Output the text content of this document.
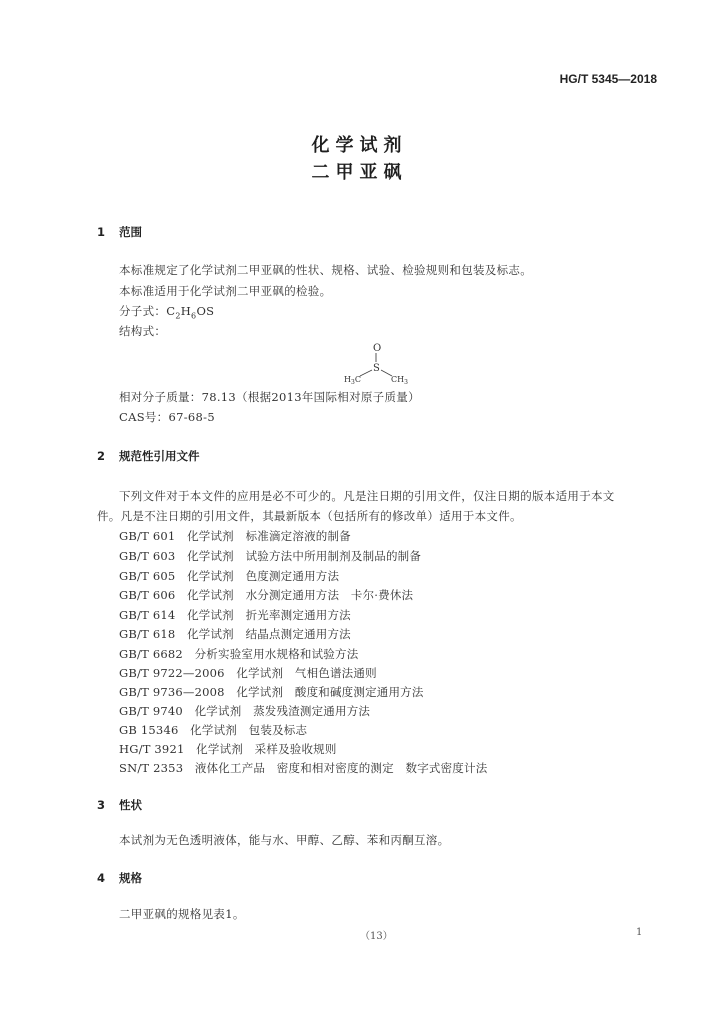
HG/T 5345—2018
化学试剂
二甲亚砜
1 范围
本标准规定了化学试剂二甲亚砜的性状、规格、试验、检验规则和包装及标志。
本标准适用于化学试剂二甲亚砜的检验。
分子式：$C_2H_6OS$
结构式：
O
S
$H_3C$	$CH_3$
相对分子质量：78.13（根据2013年国际相对原子质量）
CAS号：67-68-5
2 规范性引用文件
下列文件对于本文件的应用是必不可少的。凡是注日期的引用文件，仅注日期的版本适用于本文
件。凡是不注日期的引用文件，其最新版本（包括所有的修改单）适用于本文件。
GB/T 601　化学试剂　标准滴定溶液的制备
GB/T 603　化学试剂　试验方法中所用制剂及制品的制备
GB/T 605　化学试剂　色度测定通用方法
GB/T 606　化学试剂　水分测定通用方法　卡尔·费休法
GB/T 614　化学试剂　折光率测定通用方法
GB/T 618　化学试剂　结晶点测定通用方法
GB/T 6682　分析实验室用水规格和试验方法
GB/T 9722—2006　化学试剂　气相色谱法通则
GB/T 9736—2008　化学试剂　酸度和碱度测定通用方法
GB/T 9740　化学试剂　蒸发残渣测定通用方法
GB 15346　化学试剂　包装及标志
HG/T 3921　化学试剂　采样及验收规则
SN/T 2353　液体化工产品　密度和相对密度的测定　数字式密度计法
3 性状
本试剂为无色透明液体，能与水、甲醇、乙醇、苯和丙酮互溶。
4 规格
二甲亚砜的规格见表1。
（13）	1
